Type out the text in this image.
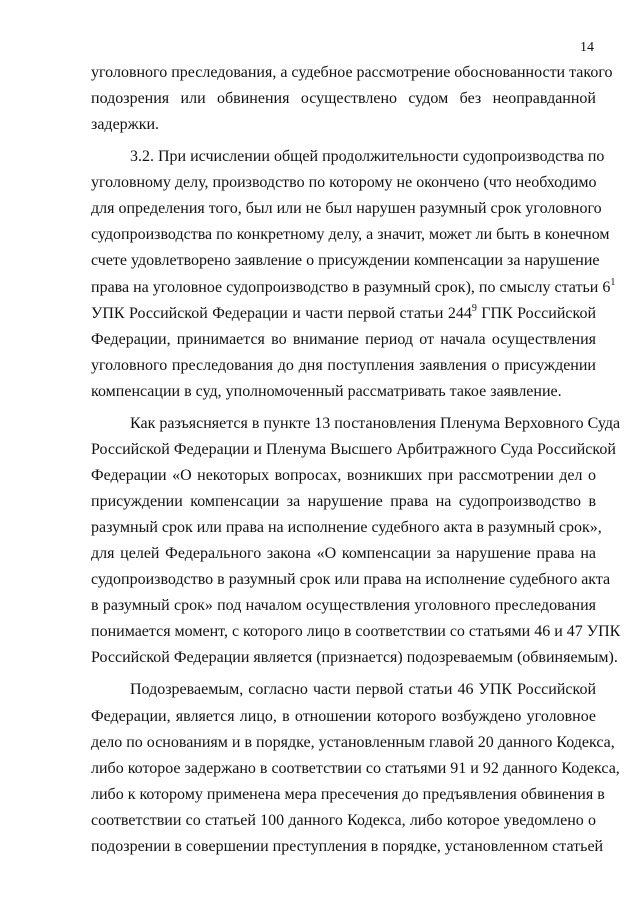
14
уголовного преследования, а судебное рассмотрение обоснованности такого
подозрения или обвинения осуществлено судом без неоправданной
задержки.
3.2. При исчислении общей продолжительности судопроизводства по
уголовному делу, производство по которому не окончено (что необходимо
для определения того, был или не был нарушен разумный срок уголовного
судопроизводства по конкретному делу, а значит, может ли быть в конечном
счете удовлетворено заявление о присуждении компенсации за нарушение
права на уголовное судопроизводство в разумный срок), по смыслу статьи $6^1$
УПК Российской Федерации и части первой статьи $244^9$ ГПК Российской
Федерации, принимается во внимание период от начала осуществления
уголовного преследования до дня поступления заявления о присуждении
компенсации в суд, уполномоченный рассматривать такое заявление.
Как разъясняется в пункте 13 постановления Пленума Верховного Суда
Российской Федерации и Пленума Высшего Арбитражного Суда Российской
Федерации «О некоторых вопросах, возникших при рассмотрении дел о
присуждении компенсации за нарушение права на судопроизводство в
разумный срок или права на исполнение судебного акта в разумный срок»,
для целей Федерального закона «О компенсации за нарушение права на
судопроизводство в разумный срок или права на исполнение судебного акта
в разумный срок» под началом осуществления уголовного преследования
понимается момент, с которого лицо в соответствии со статьями 46 и 47 УПК
Российской Федерации является (признается) подозреваемым (обвиняемым).
Подозреваемым, согласно части первой статьи 46 УПК Российской
Федерации, является лицо, в отношении которого возбуждено уголовное
дело по основаниям и в порядке, установленным главой 20 данного Кодекса,
либо которое задержано в соответствии со статьями 91 и 92 данного Кодекса,
либо к которому применена мера пресечения до предъявления обвинения в
соответствии со статьей 100 данного Кодекса, либо которое уведомлено о
подозрении в совершении преступления в порядке, установленном статьей
